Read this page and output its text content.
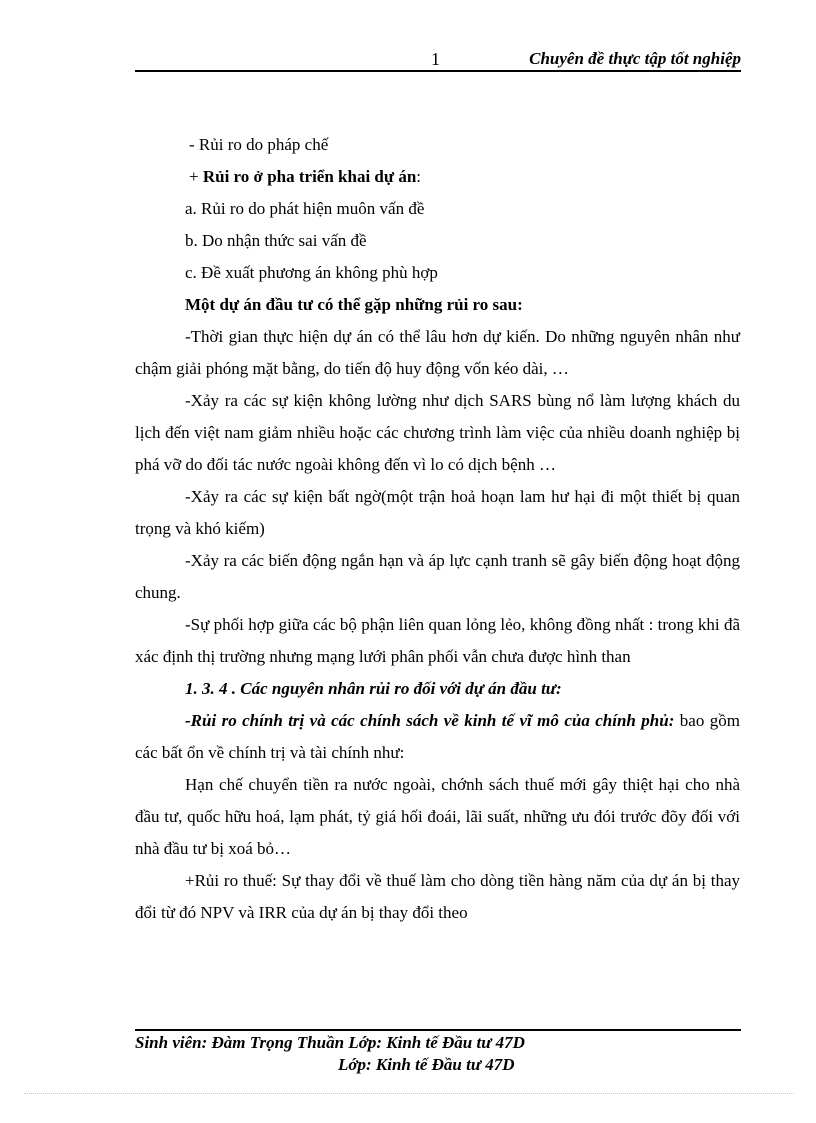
1	Chuyên đề thực tập tốt nghiệp

- Rủi ro do pháp chế

+ Rủi ro ở pha triển khai dự án:

a. Rủi ro do phát hiện muôn vấn đề

b. Do nhận thức sai vấn đề

c. Đề xuất phương án không phù hợp

Một dự án đầu tư có thể gặp những rủi ro sau:

-Thời gian thực hiện dự án có thể lâu hơn dự kiến. Do những nguyên nhân như chậm giải phóng mặt bằng, do tiến độ huy động vốn kéo dài, …

-Xảy ra các sự kiện không lường như dịch SARS bùng nổ làm lượng khách du lịch đến việt nam giảm nhiều hoặc các chương trình làm việc của nhiều doanh nghiệp bị phá vỡ do đối tác nước ngoài không đến vì lo có dịch bệnh …

-Xảy ra các sự kiện bất ngờ(một trận hoả hoạn lam hư hại đi một thiết bị quan trọng và khó kiếm)

-Xảy ra các biến động ngắn hạn và áp lực cạnh tranh sẽ gây biến động hoạt động chung.

-Sự phối hợp giữa các bộ phận liên quan lỏng lẻo, không đồng nhất : trong khi đã xác định thị trường nhưng mạng lưới phân phối vẫn chưa được hình than

1. 3. 4 . Các nguyên nhân rủi ro đối với dự án đầu tư:

-Rủi ro chính trị và các chính sách về kinh tế vĩ mô của chính phủ: bao gồm các bất ổn về chính trị và tài chính như:

Hạn chế chuyển tiền ra nước ngoài, chớnh sách thuế mới gây thiệt hại cho nhà đầu tư, quốc hữu hoá, lạm phát, tỷ giá hối đoái, lãi suất, những ưu đói trước đõy đối với nhà đầu tư bị xoá bỏ…

+Rủi ro thuế: Sự thay đổi về thuế làm cho dòng tiền hàng năm của dự án bị thay đổi từ đó NPV và IRR của dự án bị thay đổi theo

Sinh viên: Đàm Trọng Thuần Lớp: Kinh tế Đầu tư 47D
Lớp: Kinh tế Đầu tư 47D
